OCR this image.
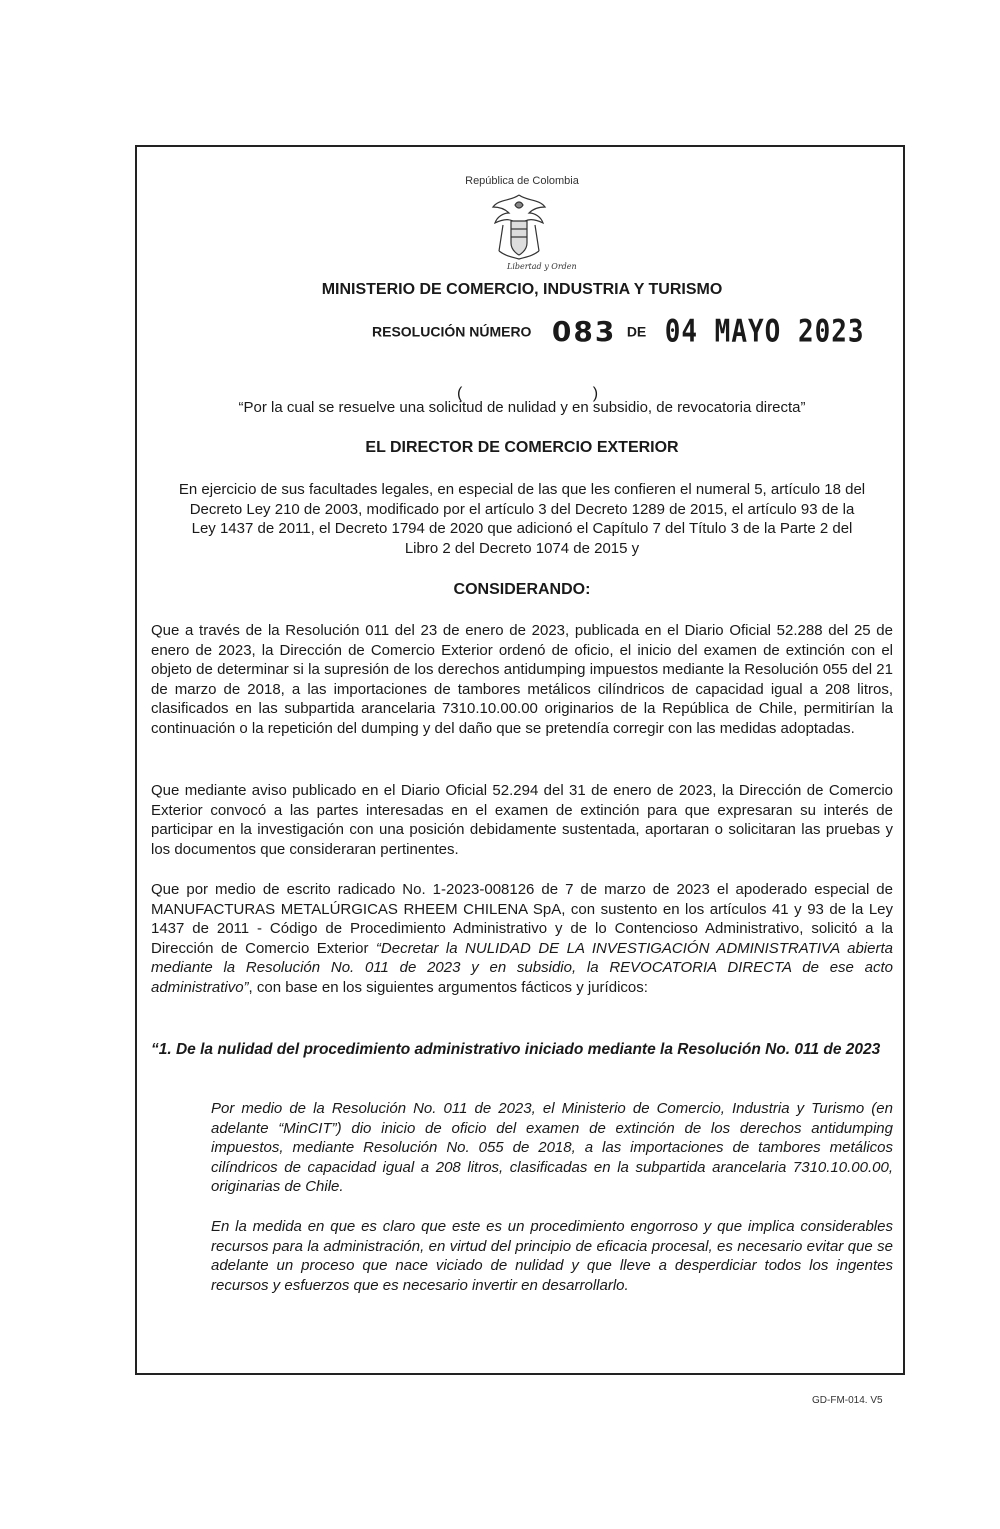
República de Colombia
Libertad y Orden
MINISTERIO DE COMERCIO, INDUSTRIA Y TURISMO
RESOLUCIÓN NÚMERO 083 DE 04 MAYO 2023
(	)
“Por la cual se resuelve una solicitud de nulidad y en subsidio, de revocatoria directa”
EL DIRECTOR DE COMERCIO EXTERIOR
En ejercicio de sus facultades legales, en especial de las que les confieren el numeral 5, artículo 18 del Decreto Ley 210 de 2003, modificado por el artículo 3 del Decreto 1289 de 2015, el artículo 93 de la Ley 1437 de 2011, el Decreto 1794 de 2020 que adicionó el Capítulo 7 del Título 3 de la Parte 2 del Libro 2 del Decreto 1074 de 2015 y
CONSIDERANDO:
Que a través de la Resolución 011 del 23 de enero de 2023, publicada en el Diario Oficial 52.288 del 25 de enero de 2023, la Dirección de Comercio Exterior ordenó de oficio, el inicio del examen de extinción con el objeto de determinar si la supresión de los derechos antidumping impuestos mediante la Resolución 055 del 21 de marzo de 2018, a las importaciones de tambores metálicos cilíndricos de capacidad igual a 208 litros, clasificados en las subpartida arancelaria 7310.10.00.00 originarios de la República de Chile, permitirían la continuación o la repetición del dumping y del daño que se pretendía corregir con las medidas adoptadas.
Que mediante aviso publicado en el Diario Oficial 52.294 del 31 de enero de 2023, la Dirección de Comercio Exterior convocó a las partes interesadas en el examen de extinción para que expresaran su interés de participar en la investigación con una posición debidamente sustentada, aportaran o solicitaran las pruebas y los documentos que consideraran pertinentes.
Que por medio de escrito radicado No. 1-2023-008126 de 7 de marzo de 2023 el apoderado especial de MANUFACTURAS METALÚRGICAS RHEEM CHILENA SpA, con sustento en los artículos 41 y 93 de la Ley 1437 de 2011 - Código de Procedimiento Administrativo y de lo Contencioso Administrativo, solicitó a la Dirección de Comercio Exterior “Decretar la NULIDAD DE LA INVESTIGACIÓN ADMINISTRATIVA abierta mediante la Resolución No. 011 de 2023 y en subsidio, la REVOCATORIA DIRECTA de ese acto administrativo”, con base en los siguientes argumentos fácticos y jurídicos:
“1. De la nulidad del procedimiento administrativo iniciado mediante la Resolución No. 011 de 2023
Por medio de la Resolución No. 011 de 2023, el Ministerio de Comercio, Industria y Turismo (en adelante “MinCIT”) dio inicio de oficio del examen de extinción de los derechos antidumping impuestos, mediante Resolución No. 055 de 2018, a las importaciones de tambores metálicos cilíndricos de capacidad igual a 208 litros, clasificadas en la subpartida arancelaria 7310.10.00.00, originarias de Chile.
En la medida en que es claro que este es un procedimiento engorroso y que implica considerables recursos para la administración, en virtud del principio de eficacia procesal, es necesario evitar que se adelante un proceso que nace viciado de nulidad y que lleve a desperdiciar todos los ingentes recursos y esfuerzos que es necesario invertir en desarrollarlo.
GD-FM-014. V5
